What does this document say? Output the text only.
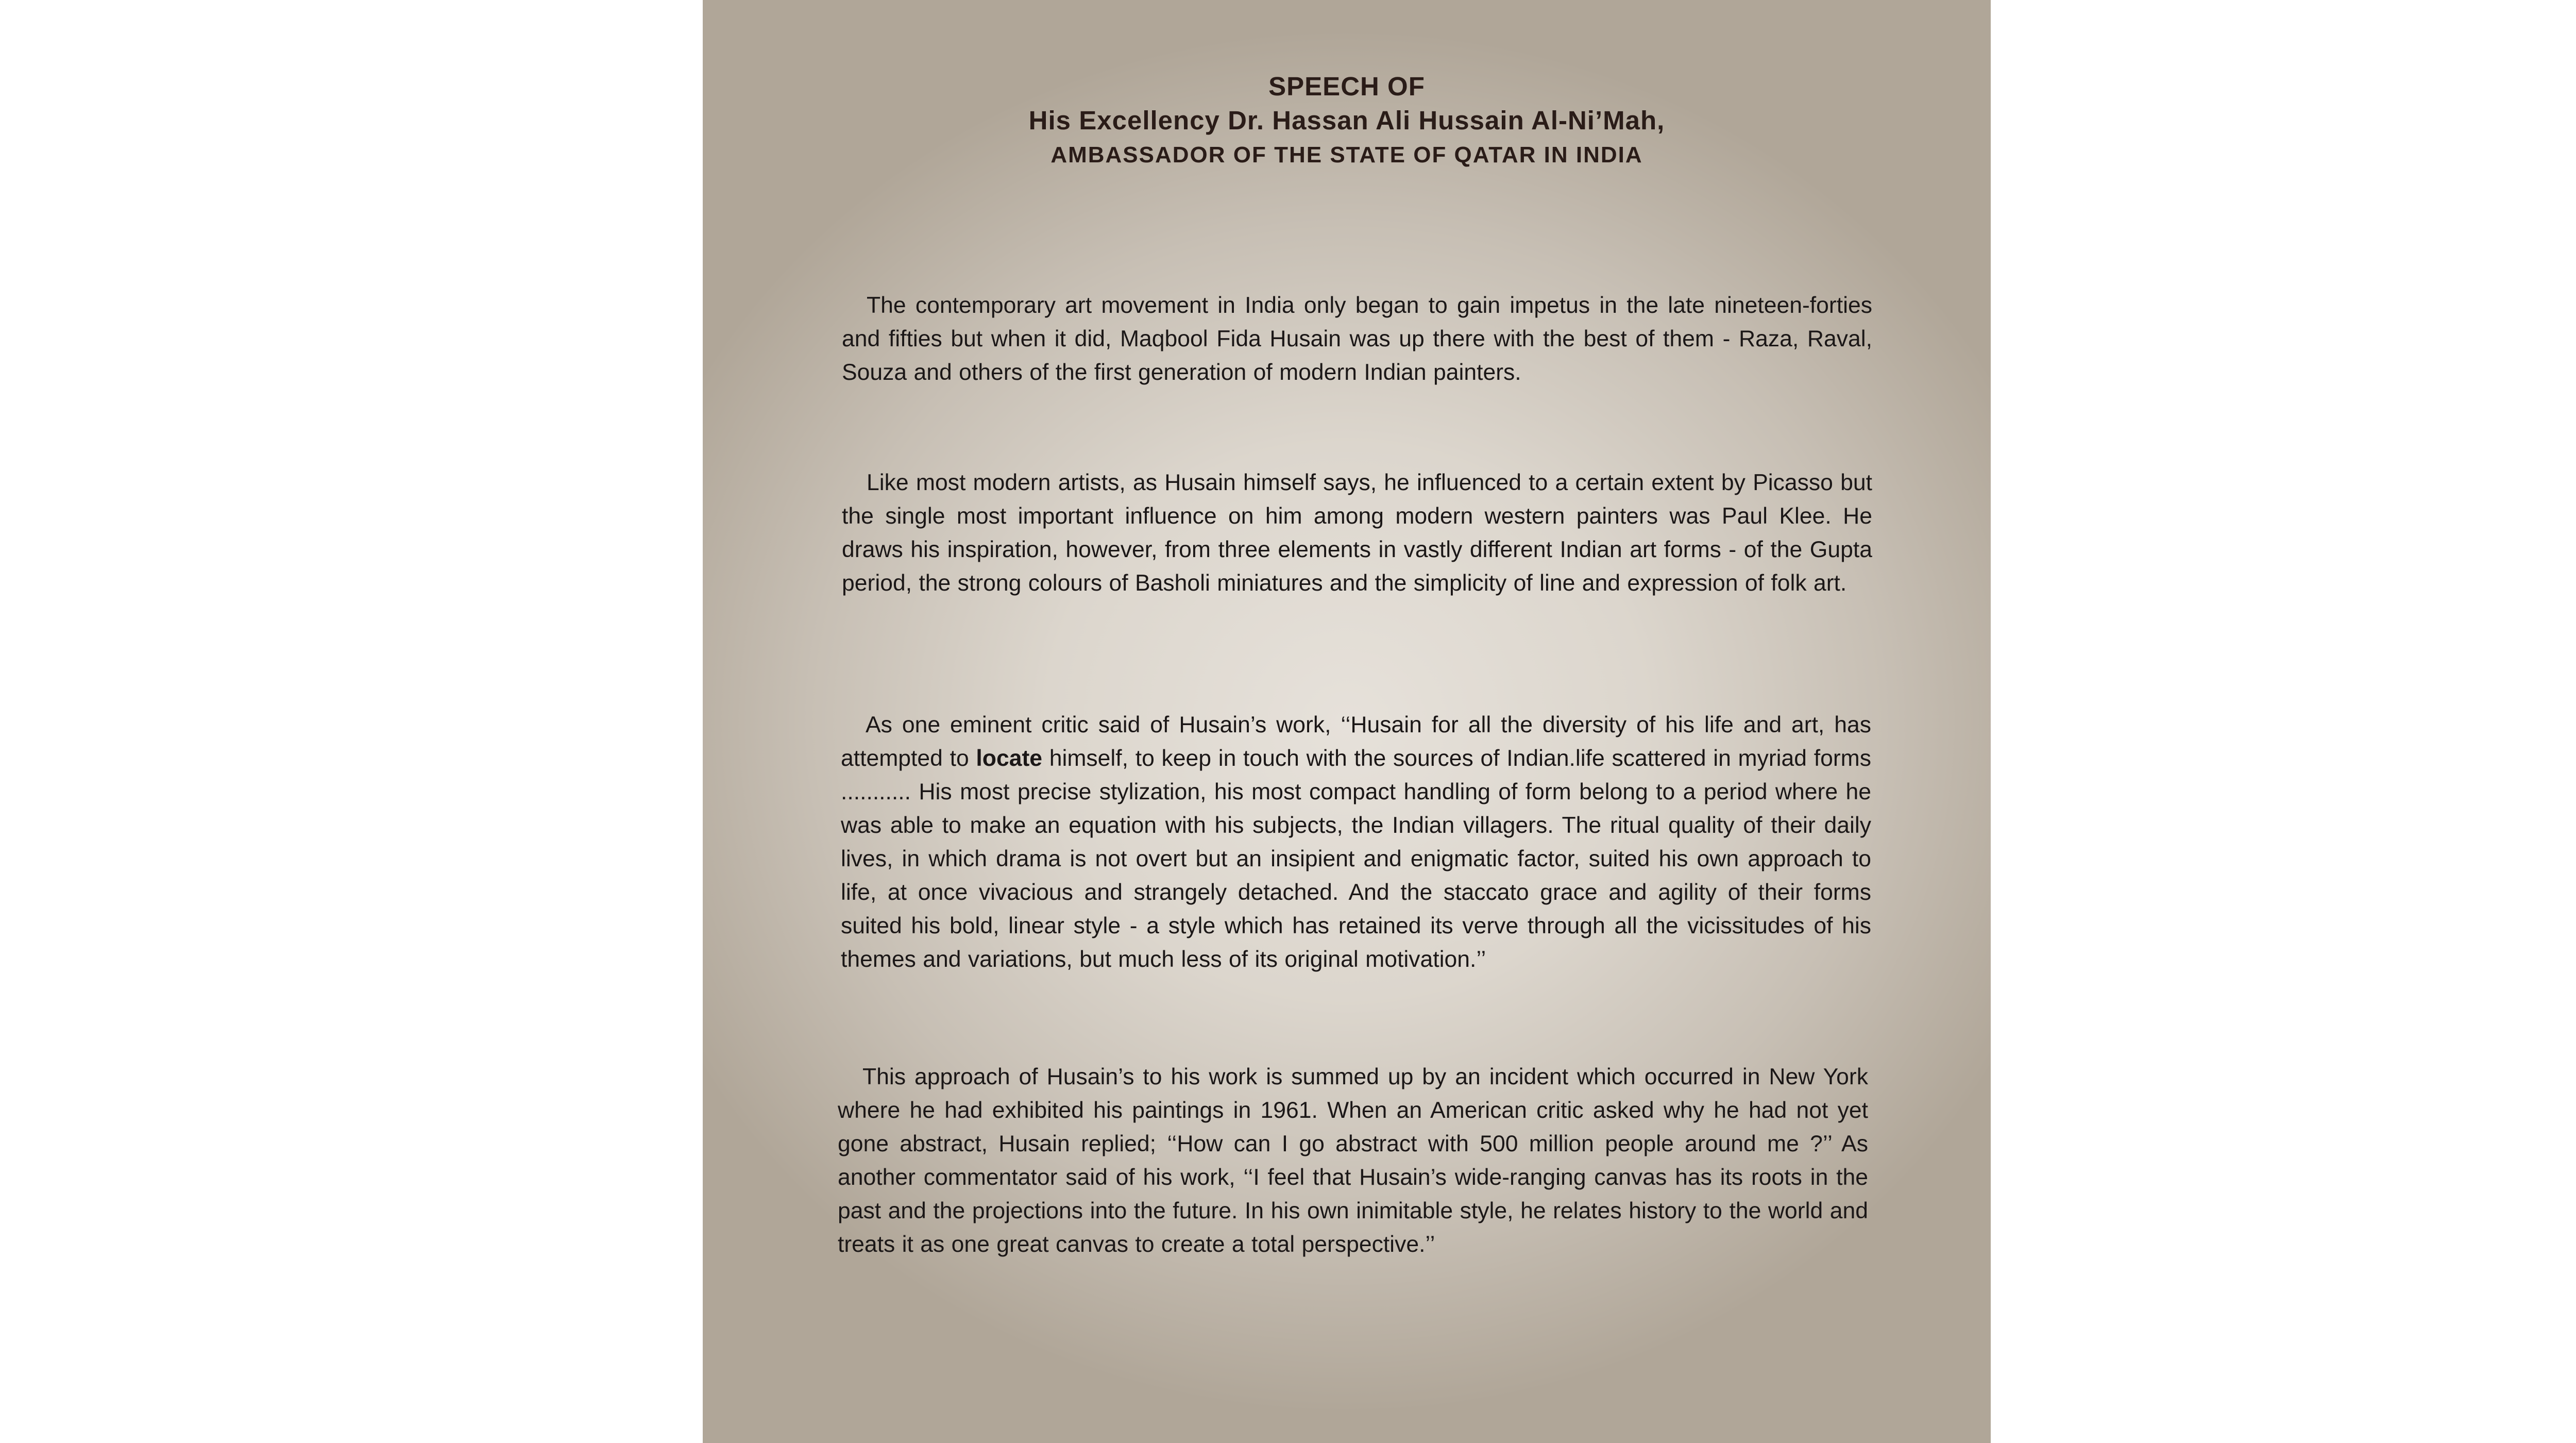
SPEECH OF
His Excellency Dr. Hassan Ali Hussain Al-Ni’Mah,
AMBASSADOR OF THE STATE OF QATAR IN INDIA

The contemporary art movement in India only began to gain impetus in the late nineteen-forties and fifties but when it did, Maqbool Fida Husain was up there with the best of them - Raza, Raval, Souza and others of the first generation of modern Indian painters.

Like most modern artists, as Husain himself says, he influenced to a certain extent by Picasso but the single most important influence on him among modern western painters was Paul Klee. He draws his inspiration, however, from three elements in vastly different Indian art forms - of the Gupta period, the strong colours of Basholi miniatures and the simplicity of line and expression of folk art.

As one eminent critic said of Husain’s work, ‘‘Husain for all the diversity of his life and art, has attempted to locate himself, to keep in touch with the sources of Indian.life scattered in myriad forms ........... His most precise stylization, his most compact handling of form belong to a period where he was able to make an equation with his subjects, the Indian villagers. The ritual quality of their daily lives, in which drama is not overt but an insipient and enigmatic factor, suited his own approach to life, at once vivacious and strangely detached. And the staccato grace and agility of their forms suited his bold, linear style - a style which has retained its verve through all the vicissitudes of his themes and variations, but much less of its original motivation.’’

This approach of Husain’s to his work is summed up by an incident which occurred in New York where he had exhibited his paintings in 1961. When an American critic asked why he had not yet gone abstract, Husain replied; ‘‘How can I go abstract with 500 million people around me ?’’ As another commentator said of his work, ‘‘I feel that Husain’s wide-ranging canvas has its roots in the past and the projections into the future. In his own inimitable style, he relates history to the world and treats it as one great canvas to create a total perspective.’’
